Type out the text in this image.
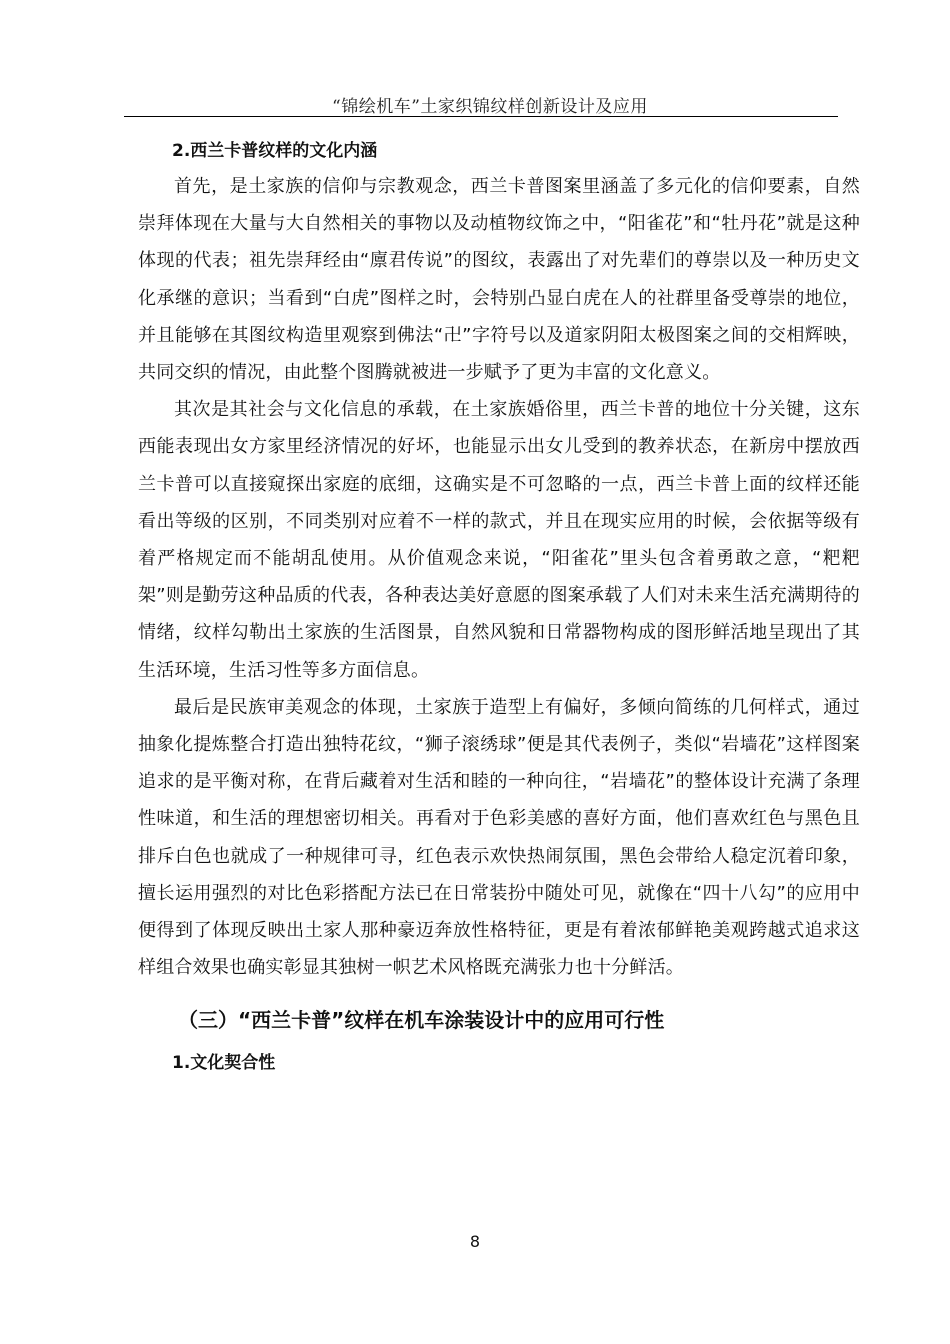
“锦绘机车”土家织锦纹样创新设计及应用

2.西兰卡普纹样的文化内涵

首先，是土家族的信仰与宗教观念，西兰卡普图案里涵盖了多元化的信仰要素，自然崇拜体现在大量与大自然相关的事物以及动植物纹饰之中，“阳雀花”和“牡丹花”就是这种体现的代表；祖先崇拜经由“廪君传说”的图纹，表露出了对先辈们的尊崇以及一种历史文化承继的意识；当看到“白虎”图样之时，会特别凸显白虎在人的社群里备受尊崇的地位，并且能够在其图纹构造里观察到佛法“卍”字符号以及道家阴阳太极图案之间的交相辉映，共同交织的情况，由此整个图腾就被进一步赋予了更为丰富的文化意义。

其次是其社会与文化信息的承载，在土家族婚俗里，西兰卡普的地位十分关键，这东西能表现出女方家里经济情况的好坏，也能显示出女儿受到的教养状态，在新房中摆放西兰卡普可以直接窥探出家庭的底细，这确实是不可忽略的一点，西兰卡普上面的纹样还能看出等级的区别，不同类别对应着不一样的款式，并且在现实应用的时候，会依据等级有着严格规定而不能胡乱使用。从价值观念来说，“阳雀花”里头包含着勇敢之意，“粑粑架”则是勤劳这种品质的代表，各种表达美好意愿的图案承载了人们对未来生活充满期待的情绪，纹样勾勒出土家族的生活图景，自然风貌和日常器物构成的图形鲜活地呈现出了其生活环境，生活习性等多方面信息。

最后是民族审美观念的体现，土家族于造型上有偏好，多倾向简练的几何样式，通过抽象化提炼整合打造出独特花纹，“狮子滚绣球”便是其代表例子，类似“岩墙花”这样图案追求的是平衡对称，在背后藏着对生活和睦的一种向往，“岩墙花”的整体设计充满了条理性味道，和生活的理想密切相关。再看对于色彩美感的喜好方面，他们喜欢红色与黑色且排斥白色也就成了一种规律可寻，红色表示欢快热闹氛围，黑色会带给人稳定沉着印象，擅长运用强烈的对比色彩搭配方法已在日常装扮中随处可见，就像在“四十八勾”的应用中便得到了体现反映出土家人那种豪迈奔放性格特征，更是有着浓郁鲜艳美观跨越式追求这样组合效果也确实彰显其独树一帜艺术风格既充满张力也十分鲜活。

（三）“西兰卡普”纹样在机车涂装设计中的应用可行性

1.文化契合性

8
